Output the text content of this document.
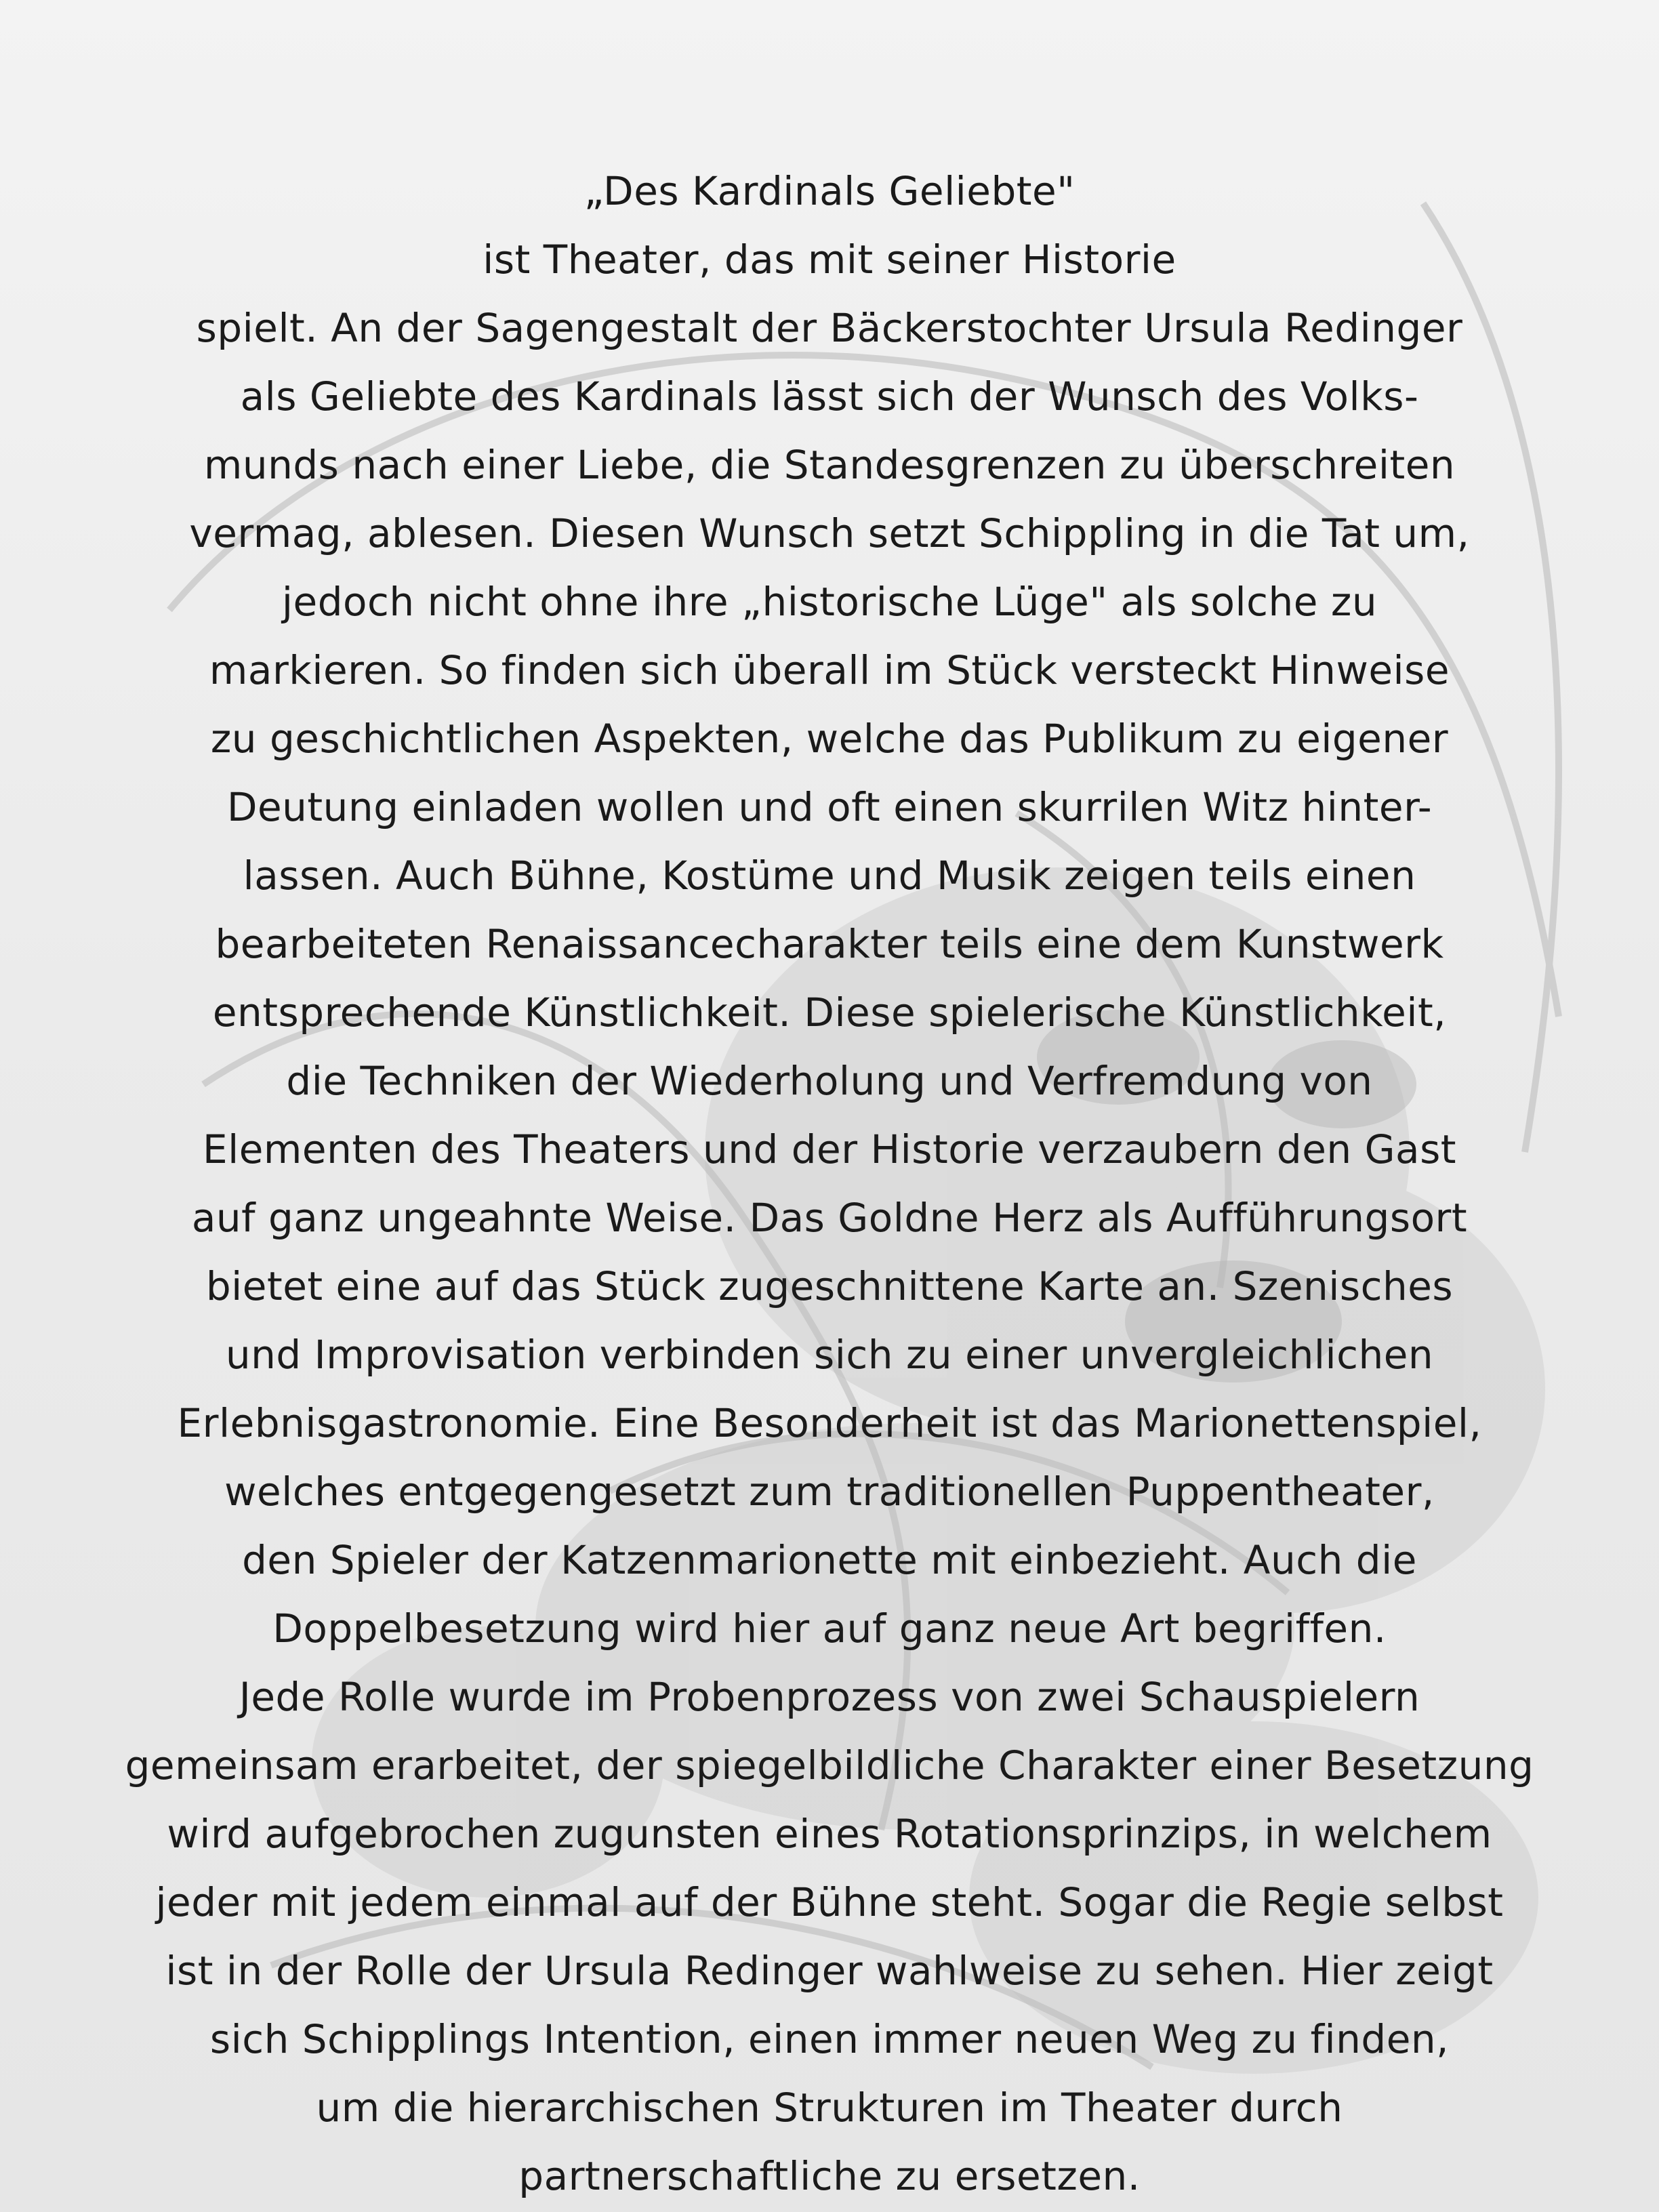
„Des Kardinals Geliebte"
ist Theater, das mit seiner Historie
spielt. An der Sagengestalt der Bäckerstochter Ursula Redinger
als Geliebte des Kardinals lässt sich der Wunsch des Volks-
munds nach einer Liebe, die Standesgrenzen zu überschreiten
vermag, ablesen. Diesen Wunsch setzt Schippling in die Tat um,
jedoch nicht ohne ihre „historische Lüge" als solche zu
markieren. So finden sich überall im Stück versteckt Hinweise
zu geschichtlichen Aspekten, welche das Publikum zu eigener
Deutung einladen wollen und oft einen skurrilen Witz hinter-
lassen. Auch Bühne, Kostüme und Musik zeigen teils einen
bearbeiteten Renaissancecharakter teils eine dem Kunstwerk
entsprechende Künstlichkeit. Diese spielerische Künstlichkeit,
die Techniken der Wiederholung und Verfremdung von
Elementen des Theaters und der Historie verzaubern den Gast
auf ganz ungeahnte Weise. Das Goldne Herz als Aufführungsort
bietet eine auf das Stück zugeschnittene Karte an. Szenisches
und Improvisation verbinden sich zu einer unvergleichlichen
Erlebnisgastronomie. Eine Besonderheit ist das Marionettenspiel,
welches entgegengesetzt zum traditionellen Puppentheater,
den Spieler der Katzenmarionette mit einbezieht. Auch die
Doppelbesetzung wird hier auf ganz neue Art begriffen.
Jede Rolle wurde im Probenprozess von zwei Schauspielern
gemeinsam erarbeitet, der spiegelbildliche Charakter einer Besetzung
wird aufgebrochen zugunsten eines Rotationsprinzips, in welchem
jeder mit jedem einmal auf der Bühne steht. Sogar die Regie selbst
ist in der Rolle der Ursula Redinger wahlweise zu sehen. Hier zeigt
sich Schipplings Intention, einen immer neuen Weg zu finden,
um die hierarchischen Strukturen im Theater durch
partnerschaftliche zu ersetzen.
